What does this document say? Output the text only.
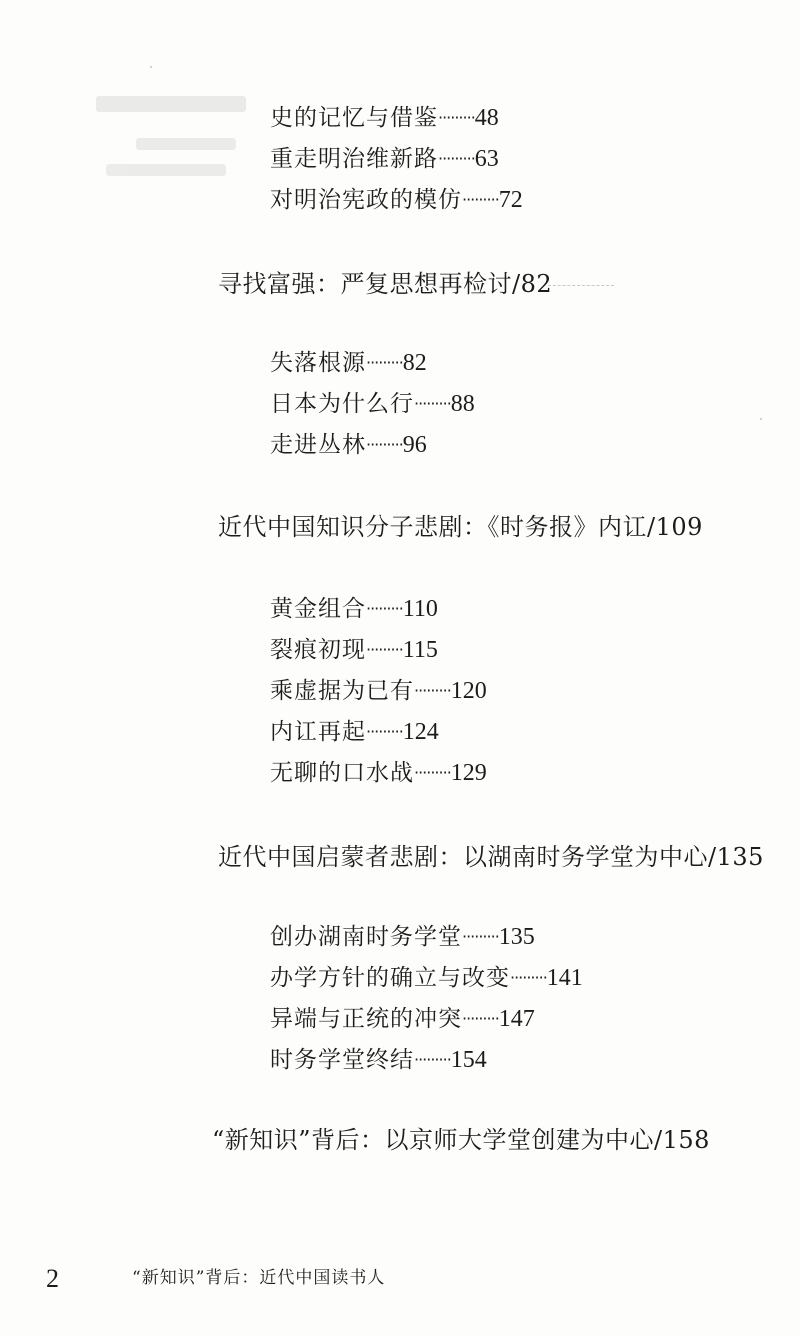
史的记忆与借鉴·········48
重走明治维新路·········63
对明治宪政的模仿·········72
寻找富强：严复思想再检讨/82
失落根源·········82
日本为什么行·········88
走进丛林·········96
近代中国知识分子悲剧：《时务报》内讧/109
黄金组合·········110
裂痕初现·········115
乘虚据为已有·········120
内讧再起·········124
无聊的口水战·········129
近代中国启蒙者悲剧：以湖南时务学堂为中心/135
创办湖南时务学堂·········135
办学方针的确立与改变·········141
异端与正统的冲突·········147
时务学堂终结·········154
“新知识”背后：以京师大学堂创建为中心/158
2	“新知识”背后：近代中国读书人
